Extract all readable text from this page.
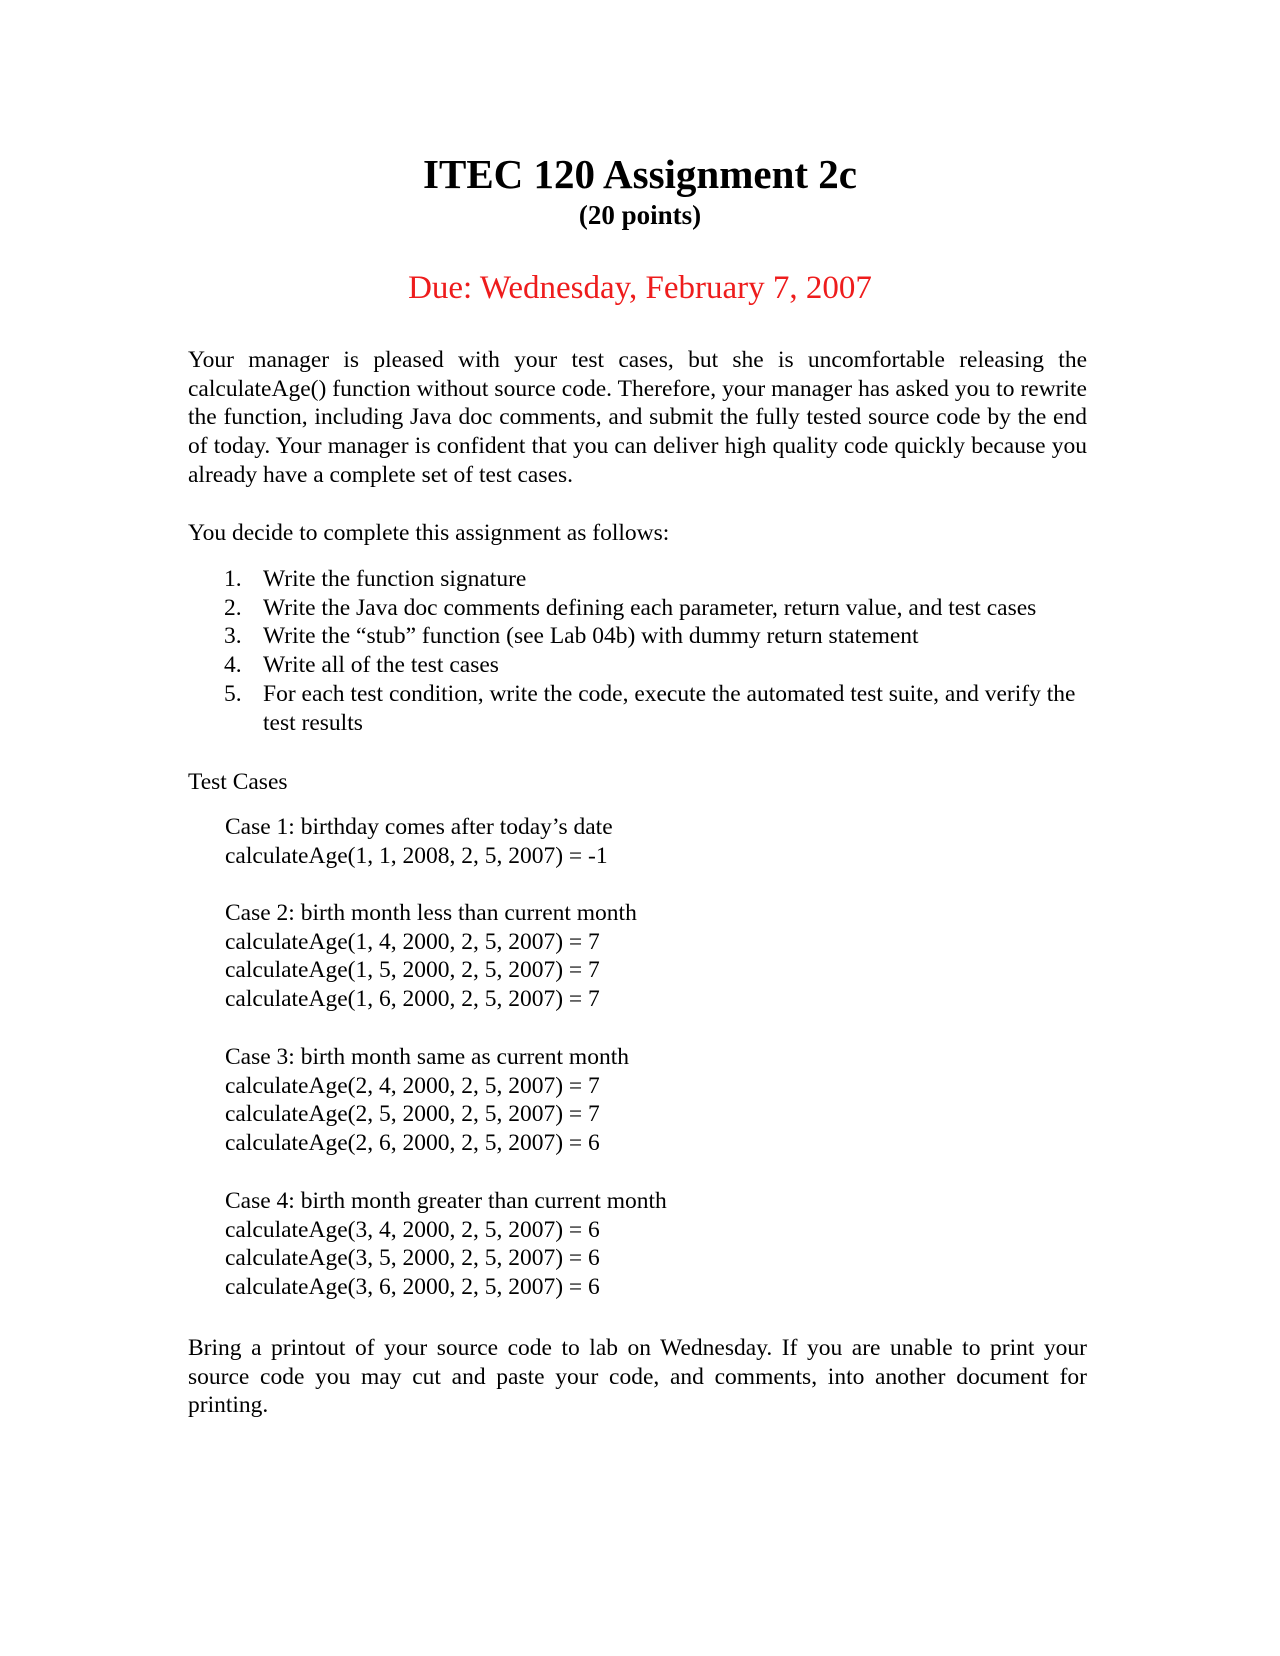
ITEC 120 Assignment 2c
(20 points)
Due: Wednesday, February 7, 2007

Your manager is pleased with your test cases, but she is uncomfortable releasing the calculateAge() function without source code. Therefore, your manager has asked you to rewrite the function, including Java doc comments, and submit the fully tested source code by the end of today. Your manager is confident that you can deliver high quality code quickly because you already have a complete set of test cases.

You decide to complete this assignment as follows:

1. Write the function signature
2. Write the Java doc comments defining each parameter, return value, and test cases
3. Write the “stub” function (see Lab 04b) with dummy return statement
4. Write all of the test cases
5. For each test condition, write the code, execute the automated test suite, and verify the test results

Test Cases

Case 1: birthday comes after today’s date
calculateAge(1, 1, 2008, 2, 5, 2007) = -1
Case 2: birth month less than current month
calculateAge(1, 4, 2000, 2, 5, 2007) = 7
calculateAge(1, 5, 2000, 2, 5, 2007) = 7
calculateAge(1, 6, 2000, 2, 5, 2007) = 7
Case 3: birth month same as current month
calculateAge(2, 4, 2000, 2, 5, 2007) = 7
calculateAge(2, 5, 2000, 2, 5, 2007) = 7
calculateAge(2, 6, 2000, 2, 5, 2007) = 6
Case 4: birth month greater than current month
calculateAge(3, 4, 2000, 2, 5, 2007) = 6
calculateAge(3, 5, 2000, 2, 5, 2007) = 6
calculateAge(3, 6, 2000, 2, 5, 2007) = 6

Bring a printout of your source code to lab on Wednesday. If you are unable to print your source code you may cut and paste your code, and comments, into another document for printing.
